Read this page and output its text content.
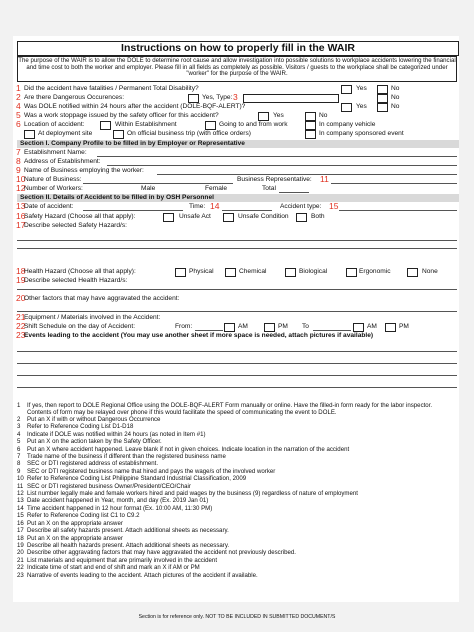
Instructions on how to properly fill in the WAIR
The purpose of the WAIR is to allow the DOLE to determine root cause and allow investigation into possible solutions to workplace accidents lowering the financial and time cost to both the worker and employer. Please fill in all fields as completely as possible. Visitors / guests to the workplace shall be categorized under "worker" for the purpose of the WAIR.
1 Did the accident have fatalities / Permanent Total Disability?	Yes	No
2 Are there Dangerous Occurences:	Yes, Type: 3	No
4 Was DOLE notified within 24 hours after the accident (DOLE-BQF-ALERT)?	Yes	No
5 Was a work stoppage issued by the safety officer for this accident?	Yes	No
6 Location of accident:	Within Establishment	Going to and from work	In company vehicle
At deployment site	On official business trip (with office orders)	In company sponsored event
Section I. Company Profile to be filled in by Employer or Representative
7 Establishment Name:
8 Address of Establishment:
9 Name of Business employing the worker:
10
Nature of Business:	Business Representative: 11
12
Number of Workers:	Male	Female	Total
Section II. Details of Accident to be filled in by OSH Personnel
13
Date of accident:	Time: 14	Accident type: 15
16
Safety Hazard (Choose all that apply):	Unsafe Act	Unsafe Condition	Both
17
Describe selected Safety Hazard/s:
18
Health Hazard (Choose all that apply):	Physical	Chemical	Biological	Ergonomic	None
19
Describe selected Health Hazard/s:
20
Other factors that may have aggravated the accident:
21
Equipment / Materials involved in the Accident:
22
Shift Schedule on the day of Accident:	From:	AM	PM To	AM	PM
23
Events leading to the accident (You may use another sheet if more space is needed, attach pictures if available)
1	If yes, then report to DOLE Regional Office using the DOLE-BQF-ALERT Form manually or online. Have the filled-in form ready for the labor inspector. Contents of form may be relayed over phone if this would facilitate the speed of communicating the event to DOLE.
2	Put an X if with or without Dangerous Occurrence
3	Refer to Reference Coding List D1-D18
4	Indicate if DOLE was notified within 24 hours (as noted in Item #1)
5	Put an X on the action taken by the Safety Officer.
6	Put an X where accident happened. Leave blank if not in given choices. Indicate location in the narration of the accident
7	Trade name of the business if different than the registered business name
8	SEC or DTI registered address of establishment.
9	SEC or DTI registered business name that hired and pays the wage/s of the involved worker
10 Refer to Reference Coding List Philippine Standard Industrial Classification, 2009
11 SEC or DTI registered business Owner/President/CEO/Chair
12 List number legally male and female workers hired and paid wages by the business (9) regardless of nature of employment
13 Date accident happened in Year, month, and day (Ex. 2019 Jan 01)
14 Time accident happened in 12 hour format (Ex. 10:00 AM, 11:30 PM)
15 Refer to Reference Coding list C1 to C9.2
16 Put an X on the appropriate answer
17 Describe all safety hazards present. Attach additional sheets as necessary.
18 Put an X on the appropriate answer
19 Describe all health hazards present. Attach additional sheets as necessary.
20 Describe other aggravating factors that may have aggravated the accident not previously described.
21 List materials and equipment that are primarily involved in the accident
22 Indicate time of start and end of shift and mark an X if AM or PM
23 Narrative of events leading to the accident. Attach pictures of the accident if available.
Section is for reference only. NOT TO BE INCLUDED IN SUBMITTED DOCUMENT/S
